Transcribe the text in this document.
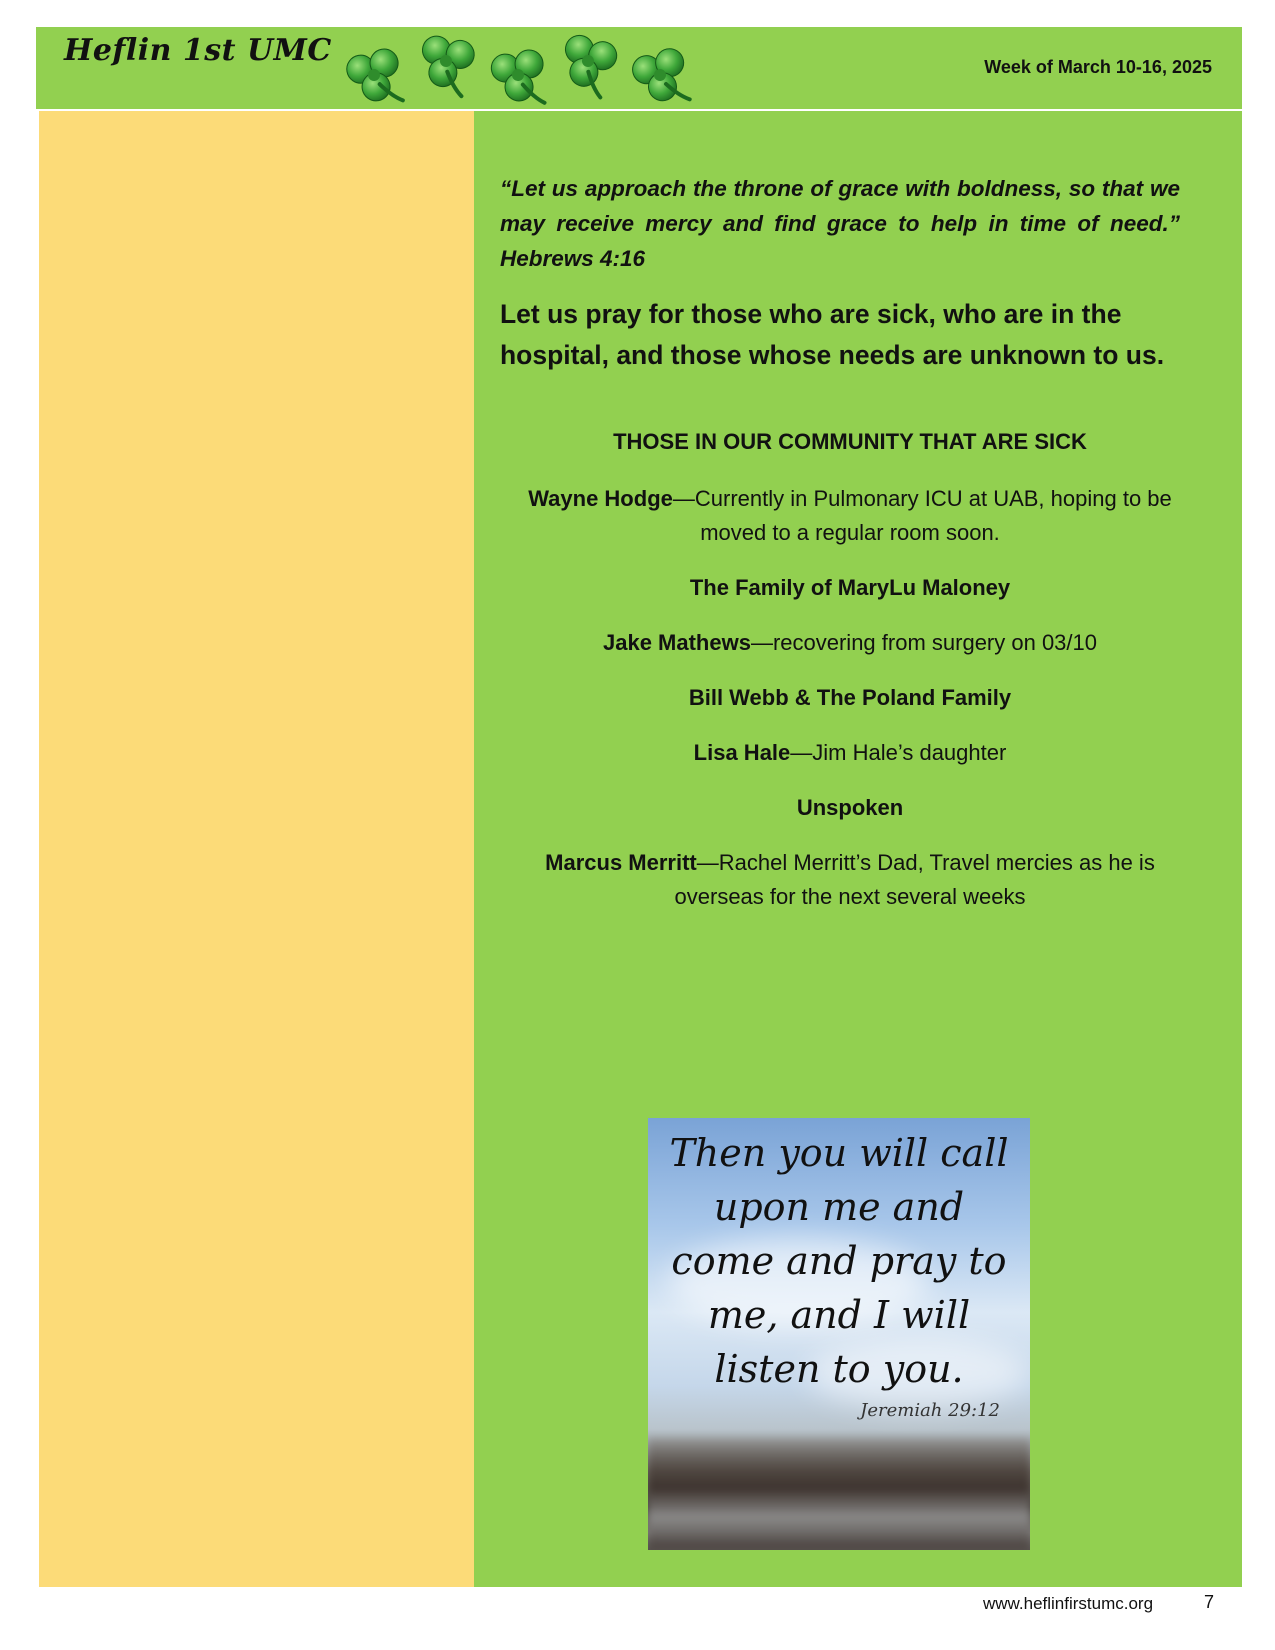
Heflin 1st UMC	Week of March 10-16, 2025

“Let us approach the throne of grace with boldness, so that we may receive mercy and find grace to help in time of need.” Hebrews 4:16

Let us pray for those who are sick, who are in the hospital, and those whose needs are unknown to us.

THOSE IN OUR COMMUNITY THAT ARE SICK

Wayne Hodge—Currently in Pulmonary ICU at UAB, hoping to be moved to a regular room soon.

The Family of MaryLu Maloney

Jake Mathews—recovering from surgery on 03/10

Bill Webb & The Poland Family

Lisa Hale—Jim Hale’s daughter

Unspoken

Marcus Merritt—Rachel Merritt’s Dad, Travel mercies as he is overseas for the next several weeks

Then you will call upon me and come and pray to me, and I will listen to you.

Jeremiah 29:12
www.heflinfirstumc.org	7
